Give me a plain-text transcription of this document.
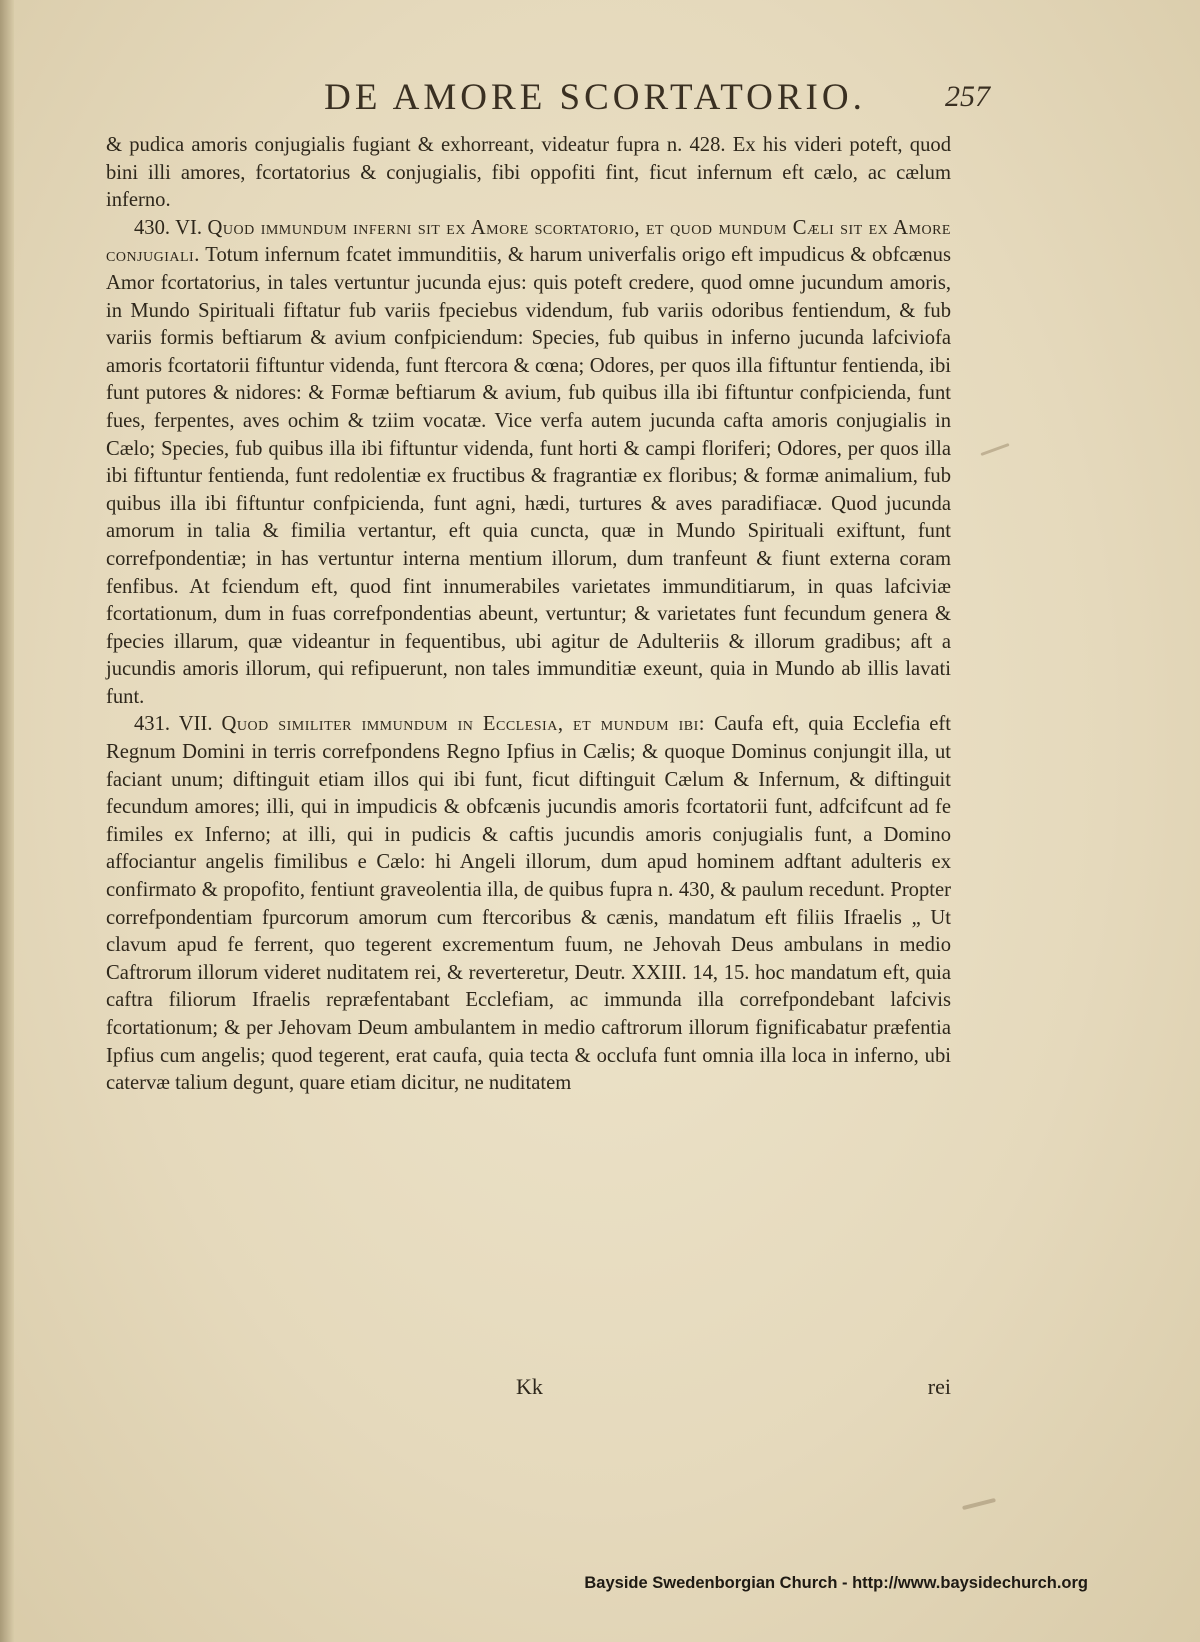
DE AMORE SCORTATORIO.	257

& pudica amoris conjugialis fugiant & exhorreant, videatur fupra n. 428. Ex his videri poteft, quod bini illi amores, fcortatorius & conjugialis, fibi oppofiti fint, ficut infernum eft cælo, ac cælum inferno.

430. VI. Quod immundum inferni sit ex Amore scortatorio, et quod mundum Cæli sit ex Amore conjugiali. Totum infernum fcatet immunditiis, & harum univerfalis origo eft impudicus & obfcænus Amor fcortatorius, in tales vertuntur jucunda ejus: quis poteft credere, quod omne jucundum amoris, in Mundo Spirituali fiftatur fub variis fpeciebus videndum, fub variis odoribus fentiendum, & fub variis formis beftiarum & avium confpiciendum: Species, fub quibus in inferno jucunda lafciviofa amoris fcortatorii fiftuntur videnda, funt ftercora & cœna; Odores, per quos illa fiftuntur fentienda, ibi funt putores & nidores: & Formæ beftiarum & avium, fub quibus illa ibi fiftuntur confpicienda, funt fues, ferpentes, aves ochim & tziim vocatæ. Vice verfa autem jucunda cafta amoris conjugialis in Cælo; Species, fub quibus illa ibi fiftuntur videnda, funt horti & campi floriferi; Odores, per quos illa ibi fiftuntur fentienda, funt redolentiæ ex fructibus & fragrantiæ ex floribus; & formæ animalium, fub quibus illa ibi fiftuntur confpicienda, funt agni, hædi, turtures & aves paradifiacæ. Quod jucunda amorum in talia & fimilia vertantur, eft quia cuncta, quæ in Mundo Spirituali exiftunt, funt correfpondentiæ; in has vertuntur interna mentium illorum, dum tranfeunt & fiunt externa coram fenfibus. At fciendum eft, quod fint innumerabiles varietates immunditiarum, in quas lafciviæ fcortationum, dum in fuas correfpondentias abeunt, vertuntur; & varietates funt fecundum genera & fpecies illarum, quæ videantur in fequentibus, ubi agitur de Adulteriis & illorum gradibus; aft a jucundis amoris illorum, qui refipuerunt, non tales immunditiæ exeunt, quia in Mundo ab illis lavati funt.

431. VII. Quod similiter immundum in Ecclesia, et mundum ibi: Caufa eft, quia Ecclefia eft Regnum Domini in terris correfpondens Regno Ipfius in Cælis; & quoque Dominus conjungit illa, ut faciant unum; diftinguit etiam illos qui ibi funt, ficut diftinguit Cælum & Infernum, & diftinguit fecundum amores; illi, qui in impudicis & obfcænis jucundis amoris fcortatorii funt, adfcifcunt ad fe fimiles ex Inferno; at illi, qui in pudicis & caftis jucundis amoris conjugialis funt, a Domino affociantur angelis fimilibus e Cælo: hi Angeli illorum, dum apud hominem adftant adulteris ex confirmato & propofito, fentiunt graveolentia illa, de quibus fupra n. 430, & paulum recedunt. Propter correfpondentiam fpurcorum amorum cum ftercoribus & cænis, mandatum eft filiis Ifraelis „ Ut clavum apud fe ferrent, quo tegerent excrementum fuum, ne Jehovah Deus ambulans in medio Caftrorum illorum videret nuditatem rei, & reverteretur, Deutr. XXIII. 14, 15. hoc mandatum eft, quia caftra filiorum Ifraelis repræfentabant Ecclefiam, ac immunda illa correfpondebant lafcivis fcortationum; & per Jehovam Deum ambulantem in medio caftrorum illorum fignificabatur præfentia Ipfius cum angelis; quod tegerent, erat caufa, quia tecta & occlufa funt omnia illa loca in inferno, ubi catervæ talium degunt, quare etiam dicitur, ne nuditatem

Kk	rei
Bayside Swedenborgian Church - http://www.baysidechurch.org
